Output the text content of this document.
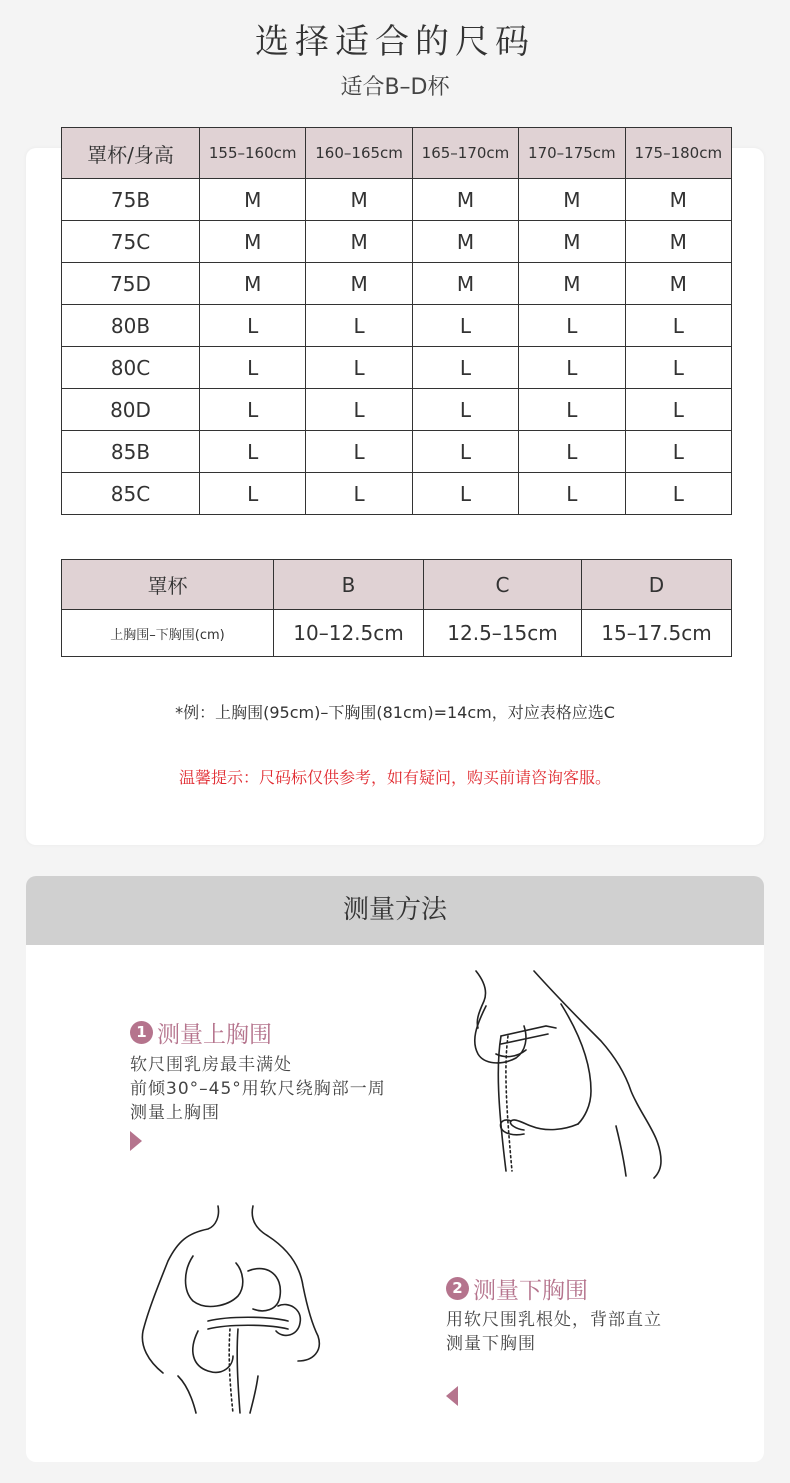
选择适合的尺码
适合B–D杯
罩杯/身高	155–160cm	160–165cm	165–170cm	170–175cm	175–180cm
75B	M	M	M	M	M
75C	M	M	M	M	M
75D	M	M	M	M	M
80B	L	L	L	L	L
80C	L	L	L	L	L
80D	L	L	L	L	L
85B	L	L	L	L	L
85C	L	L	L	L	L
罩杯	B	C	D
上胸围–下胸围(cm)	10–12.5cm	12.5–15cm	15–17.5cm
*例：上胸围(95cm)–下胸围(81cm)=14cm，对应表格应选C
温馨提示：尺码标仅供参考，如有疑问，购买前请咨询客服。
测量方法
1 测量上胸围
软尺围乳房最丰满处
前倾30°–45°用软尺绕胸部一周
测量上胸围
2 测量下胸围
用软尺围乳根处，背部直立
测量下胸围
